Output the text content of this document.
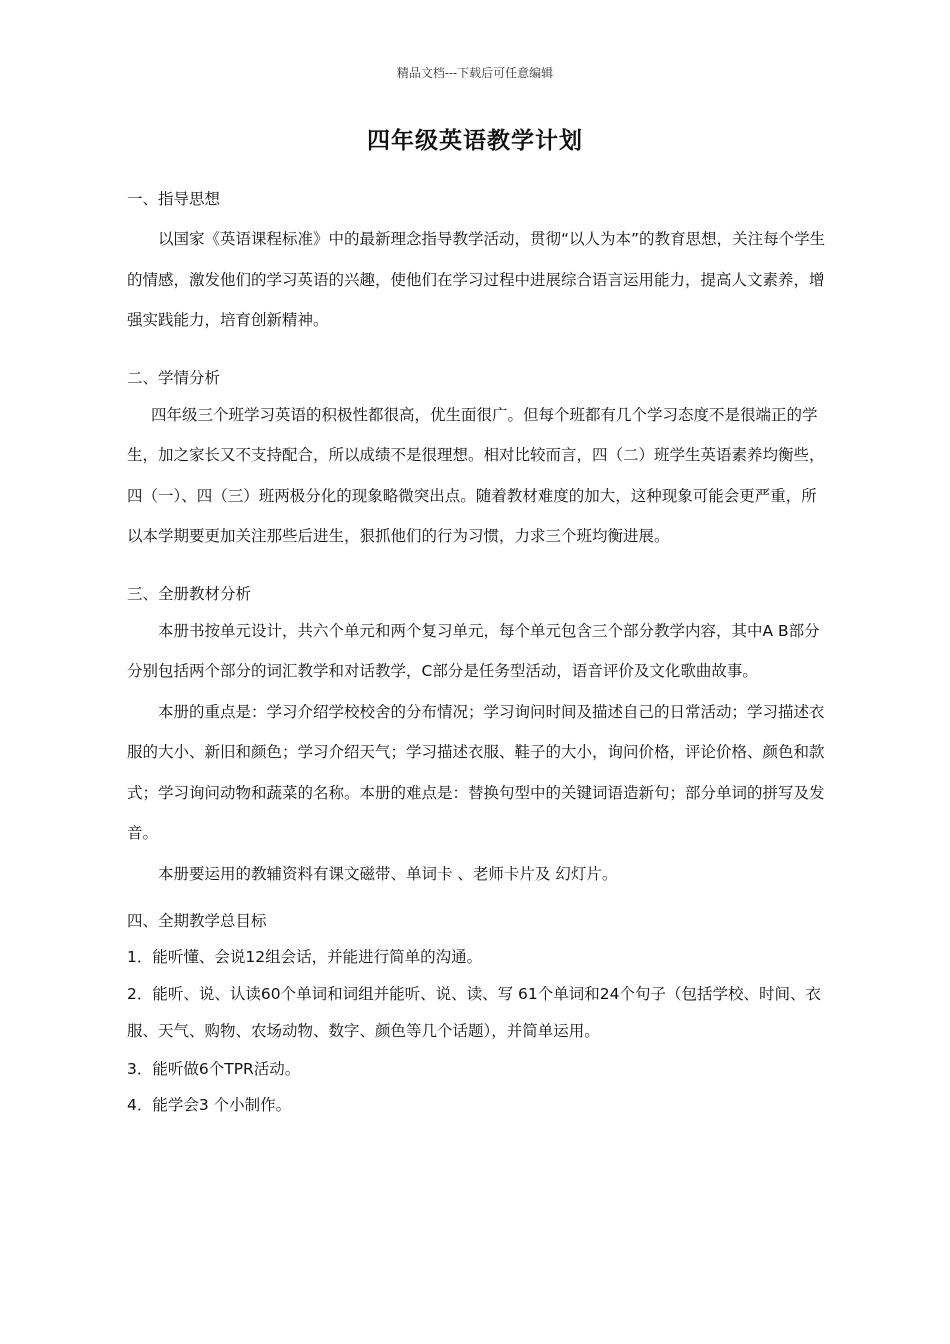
精品文档---下载后可任意编辑
四年级英语教学计划
一、指导思想
以国家《英语课程标准》中的最新理念指导教学活动，贯彻“以人为本”的教育思想，关注每个学生的情感，激发他们的学习英语的兴趣，使他们在学习过程中进展综合语言运用能力，提高人文素养，增强实践能力，培育创新精神。
二、学情分析
四年级三个班学习英语的积极性都很高，优生面很广。但每个班都有几个学习态度不是很端正的学生，加之家长又不支持配合，所以成绩不是很理想。相对比较而言，四（二）班学生英语素养均衡些，四（一）、四（三）班两极分化的现象略微突出点。随着教材难度的加大，这种现象可能会更严重，所以本学期要更加关注那些后进生，狠抓他们的行为习惯，力求三个班均衡进展。
三、全册教材分析
本册书按单元设计，共六个单元和两个复习单元，每个单元包含三个部分教学内容，其中A B部分分别包括两个部分的词汇教学和对话教学，C部分是任务型活动，语音评价及文化歌曲故事。
本册的重点是：学习介绍学校校舍的分布情况；学习询问时间及描述自己的日常活动；学习描述衣服的大小、新旧和颜色；学习介绍天气；学习描述衣服、鞋子的大小，询问价格，评论价格、颜色和款式；学习询问动物和蔬菜的名称。本册的难点是：替换句型中的关键词语造新句；部分单词的拼写及发音。
本册要运用的教辅资料有课文磁带、单词卡 、老师卡片及 幻灯片。
四、全期教学总目标
1．能听懂、会说12组会话，并能进行简单的沟通。
2．能听、说、认读60个单词和词组并能听、说、读、写 61个单词和24个句子（包括学校、时间、衣服、天气、购物、农场动物、数字、颜色等几个话题），并简单运用。
3．能听做6个TPR活动。
4．能学会3 个小制作。
